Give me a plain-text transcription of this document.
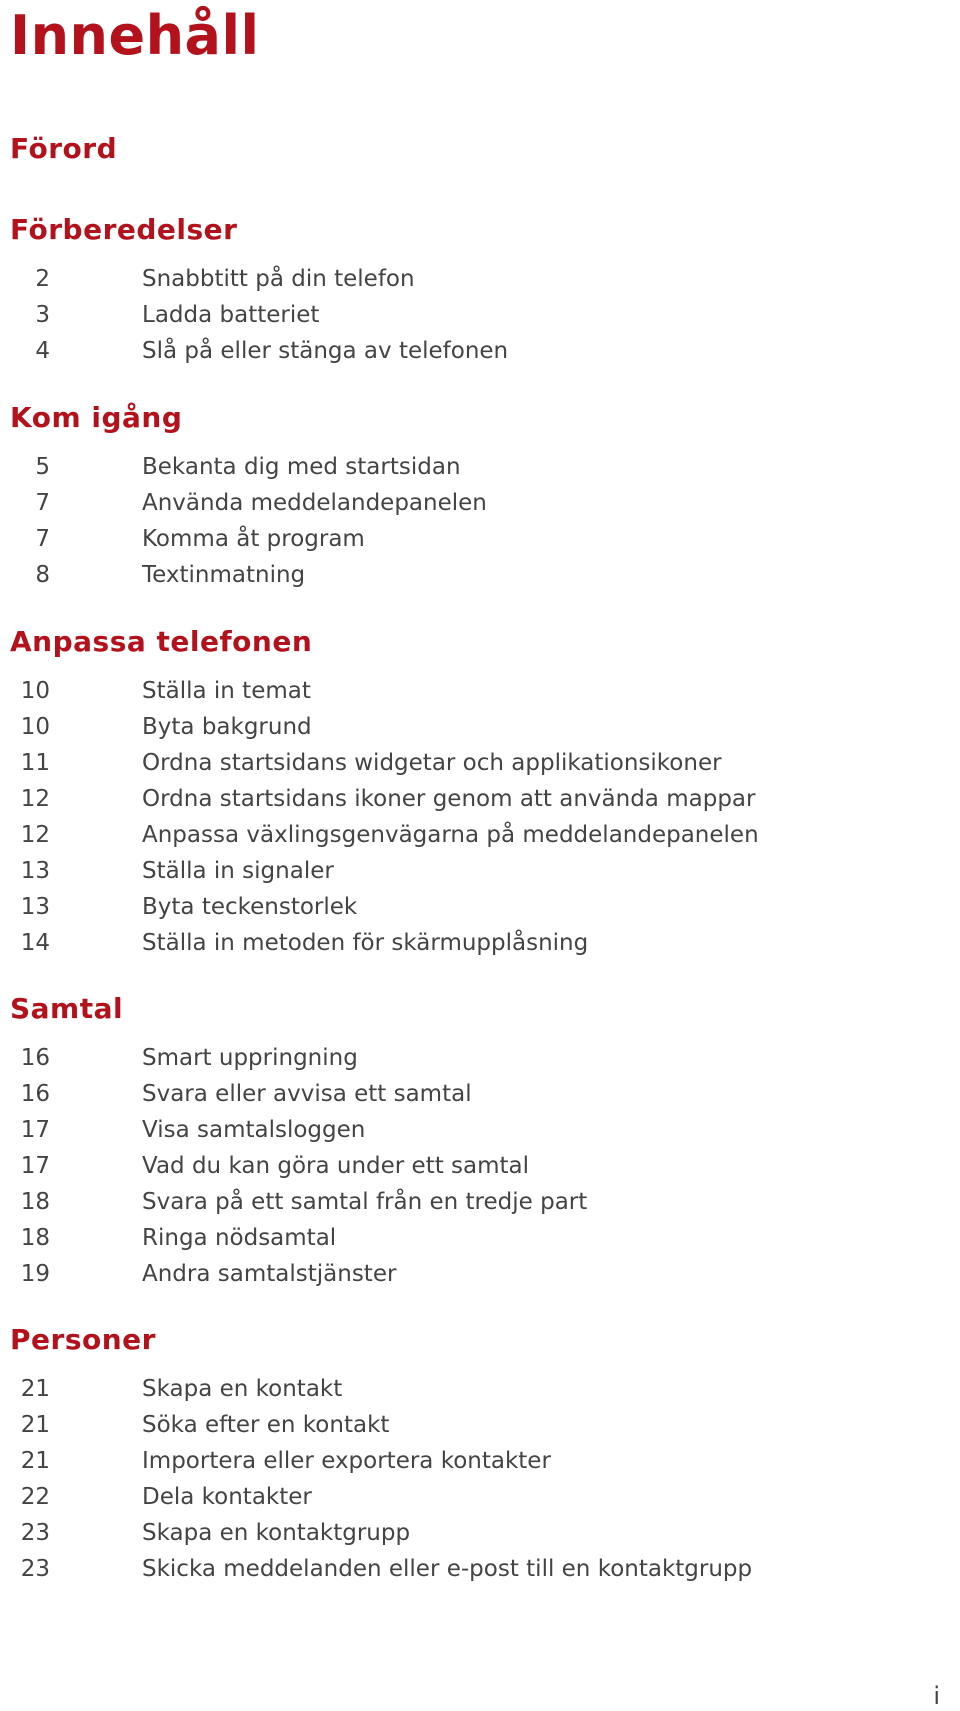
Innehåll
Förord
Förberedelser
2	Snabbtitt på din telefon
3	Ladda batteriet
4	Slå på eller stänga av telefonen
Kom igång
5	Bekanta dig med startsidan
7	Använda meddelandepanelen
7	Komma åt program
8	Textinmatning
Anpassa telefonen
10	Ställa in temat
10	Byta bakgrund
11	Ordna startsidans widgetar och applikationsikoner
12	Ordna startsidans ikoner genom att använda mappar
12	Anpassa växlingsgenvägarna på meddelandepanelen
13	Ställa in signaler
13	Byta teckenstorlek
14	Ställa in metoden för skärmupplåsning
Samtal
16	Smart uppringning
16	Svara eller avvisa ett samtal
17	Visa samtalsloggen
17	Vad du kan göra under ett samtal
18	Svara på ett samtal från en tredje part
18	Ringa nödsamtal
19	Andra samtalstjänster
Personer
21	Skapa en kontakt
21	Söka efter en kontakt
21	Importera eller exportera kontakter
22	Dela kontakter
23	Skapa en kontaktgrupp
23	Skicka meddelanden eller e-post till en kontaktgrupp
i
